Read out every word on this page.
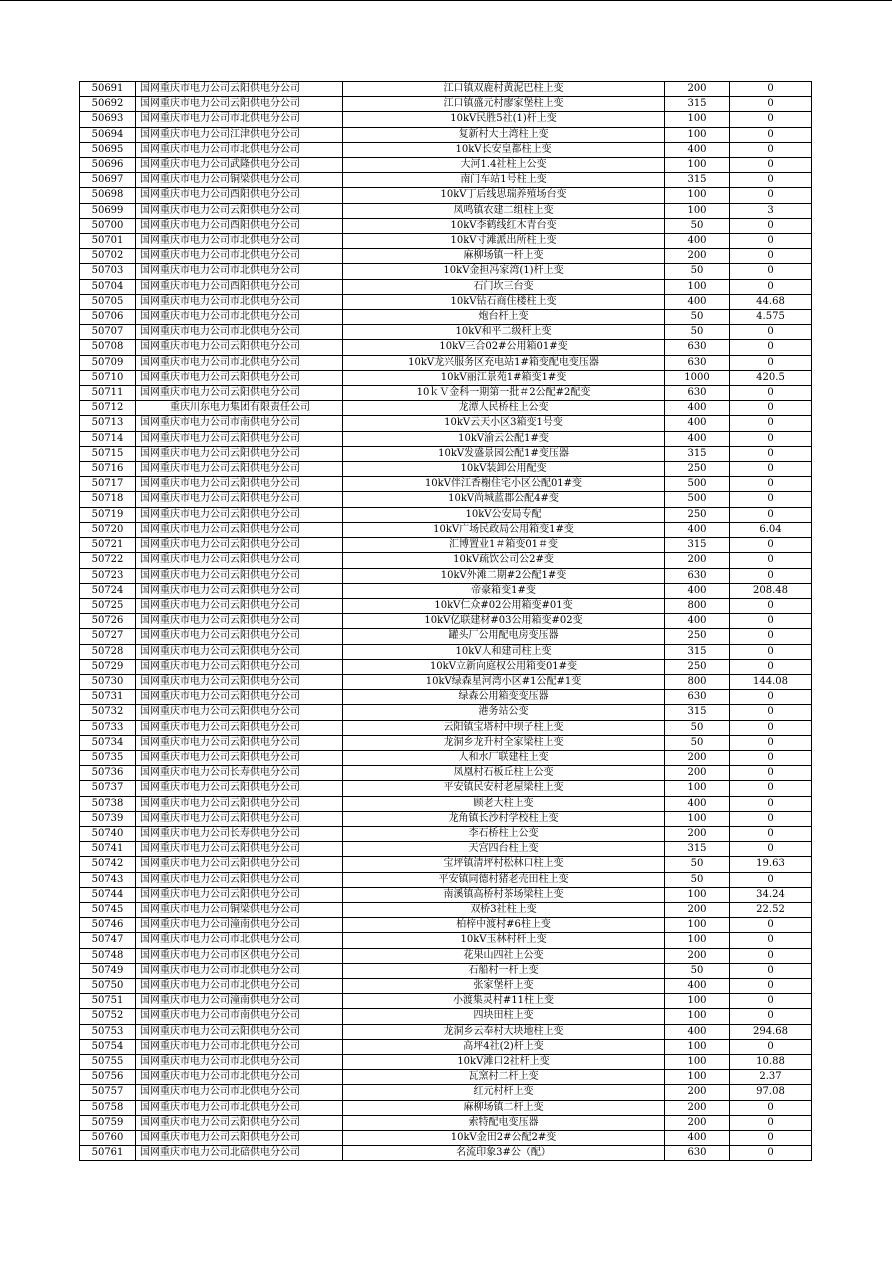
50691	国网重庆市电力公司云阳供电分公司	江口镇双鹿村黄泥巴柱上变	200	0
50692	国网重庆市电力公司云阳供电分公司	江口镇盛元村廖家堡柱上变	315	0
50693	国网重庆市电力公司市北供电分公司	10kV民胜5社(1)杆上变	100	0
50694	国网重庆市电力公司江津供电分公司	复新村大土湾柱上变	100	0
50695	国网重庆市电力公司市北供电分公司	10kV长安皇都柱上变	400	0
50696	国网重庆市电力公司武隆供电分公司	大河1.4社柱上公变	100	0
50697	国网重庆市电力公司铜梁供电分公司	南门车站1号柱上变	315	0
50698	国网重庆市电力公司酉阳供电分公司	10kV丁后线思瑞养殖场台变	100	0
50699	国网重庆市电力公司云阳供电分公司	凤鸣镇农建二组柱上变	100	3
50700	国网重庆市电力公司酉阳供电分公司	10kV李鹤线红木青台变	50	0
50701	国网重庆市电力公司市北供电分公司	10kV寸滩派出所柱上变	400	0
50702	国网重庆市电力公司市北供电分公司	麻柳场镇一杆上变	200	0
50703	国网重庆市电力公司市北供电分公司	10kV金担冯家湾(1)杆上变	50	0
50704	国网重庆市电力公司酉阳供电分公司	石门坎三台变	100	0
50705	国网重庆市电力公司市北供电分公司	10kV钻石商住楼柱上变	400	44.68
50706	国网重庆市电力公司市北供电分公司	炮台杆上变	50	4.575
50707	国网重庆市电力公司市北供电分公司	10kV和平二级杆上变	50	0
50708	国网重庆市电力公司云阳供电分公司	10kV三合02#公用箱01#变	630	0
50709	国网重庆市电力公司市北供电分公司	10kV龙兴服务区充电站1#箱变配电变压器	630	0
50710	国网重庆市电力公司云阳供电分公司	10kV丽江景苑1#箱变1#变	1000	420.5
50711	国网重庆市电力公司云阳供电分公司	10ｋＶ金科一期第一批＃2公配#2配变	630	0
50712	重庆川东电力集团有限责任公司	龙潭人民桥柱上公变	400	0
50713	国网重庆市电力公司市南供电分公司	10kV云天小区3箱变1号变	400	0
50714	国网重庆市电力公司云阳供电分公司	10kV渝云公配1#变	400	0
50715	国网重庆市电力公司云阳供电分公司	10kV发盛景园公配1#变压器	315	0
50716	国网重庆市电力公司云阳供电分公司	10kV装卸公用配变	250	0
50717	国网重庆市电力公司云阳供电分公司	10kV伴江香榭住宅小区公配01#变	500	0
50718	国网重庆市电力公司云阳供电分公司	10kV尚城蓝郡公配4#变	500	0
50719	国网重庆市电力公司云阳供电分公司	10kV公安局专配	250	0
50720	国网重庆市电力公司云阳供电分公司	10kV广场民政局公用箱变1#变	400	6.04
50721	国网重庆市电力公司云阳供电分公司	汇博置业1＃箱变01＃变	315	0
50722	国网重庆市电力公司云阳供电分公司	10kV疏饮公司公2#变	200	0
50723	国网重庆市电力公司云阳供电分公司	10kV外滩二期#2公配1#变	630	0
50724	国网重庆市电力公司云阳供电分公司	帝豪箱变1#变	400	208.48
50725	国网重庆市电力公司云阳供电分公司	10kV仁众#02公用箱变#01变	800	0
50726	国网重庆市电力公司云阳供电分公司	10kV亿联建材#03公用箱变#02变	400	0
50727	国网重庆市电力公司云阳供电分公司	罐头厂公用配电房变压器	250	0
50728	国网重庆市电力公司云阳供电分公司	10kV人和建司柱上变	315	0
50729	国网重庆市电力公司云阳供电分公司	10kV立新向庭权公用箱变01#变	250	0
50730	国网重庆市电力公司云阳供电分公司	10kV绿森星河湾小区#1公配#1变	800	144.08
50731	国网重庆市电力公司云阳供电分公司	绿森公用箱变变压器	630	0
50732	国网重庆市电力公司云阳供电分公司	港务站公变	315	0
50733	国网重庆市电力公司云阳供电分公司	云阳镇宝塔村中坝子柱上变	50	0
50734	国网重庆市电力公司云阳供电分公司	龙洞乡龙升村全家梁柱上变	50	0
50735	国网重庆市电力公司云阳供电分公司	人和水厂联建柱上变	200	0
50736	国网重庆市电力公司长寿供电分公司	凤凰村石板丘柱上公变	200	0
50737	国网重庆市电力公司云阳供电分公司	平安镇民安村老屋梁柱上变	100	0
50738	国网重庆市电力公司云阳供电分公司	顾老大柱上变	400	0
50739	国网重庆市电力公司云阳供电分公司	龙角镇长沙村学校柱上变	100	0
50740	国网重庆市电力公司长寿供电分公司	李石桥柱上公变	200	0
50741	国网重庆市电力公司云阳供电分公司	天宫四台柱上变	315	0
50742	国网重庆市电力公司云阳供电分公司	宝坪镇清坪村松林口柱上变	50	19.63
50743	国网重庆市电力公司云阳供电分公司	平安镇同德村猪老壳田柱上变	50	0
50744	国网重庆市电力公司云阳供电分公司	南溪镇高桥村茶场梁柱上变	100	34.24
50745	国网重庆市电力公司铜梁供电分公司	双桥3社柱上变	200	22.52
50746	国网重庆市电力公司潼南供电分公司	柏梓中渡村#6柱上变	100	0
50747	国网重庆市电力公司市北供电分公司	10kV玉林村杆上变	100	0
50748	国网重庆市电力公司市区供电分公司	花果山四社上公变	200	0
50749	国网重庆市电力公司市北供电分公司	石船村一杆上变	50	0
50750	国网重庆市电力公司市北供电分公司	张家堡杆上变	400	0
50751	国网重庆市电力公司潼南供电分公司	小渡集灵村#11柱上变	100	0
50752	国网重庆市电力公司市南供电分公司	四块田柱上变	100	0
50753	国网重庆市电力公司云阳供电分公司	龙洞乡云奉村大块地柱上变	400	294.68
50754	国网重庆市电力公司市北供电分公司	高坪4社(2)杆上变	100	0
50755	国网重庆市电力公司市北供电分公司	10kV滩口2社杆上变	100	10.88
50756	国网重庆市电力公司市北供电分公司	瓦窯村二杆上变	100	2.37
50757	国网重庆市电力公司市北供电分公司	红元村杆上变	200	97.08
50758	国网重庆市电力公司市北供电分公司	麻柳场镇二杆上变	200	0
50759	国网重庆市电力公司云阳供电分公司	索特配电变压器	200	0
50760	国网重庆市电力公司云阳供电分公司	10kV金田2#公配2#变	400	0
50761	国网重庆市电力公司北碚供电分公司	名流印象3#公（配）	630	0
